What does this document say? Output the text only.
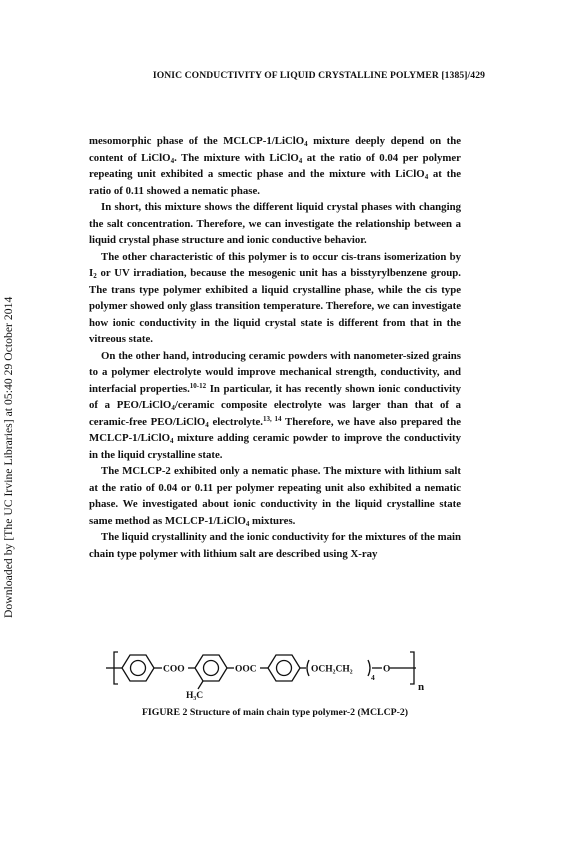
Downloaded by [The UC Irvine Libraries] at 05:40 29 October 2014
IONIC CONDUCTIVITY OF LIQUID CRYSTALLINE POLYMER [1385]/429

mesomorphic phase of the MCLCP-1/LiClO$_4$ mixture deeply depend on the content of LiClO$_4$. The mixture with LiClO$_4$ at the ratio of 0.04 per polymer repeating unit exhibited a smectic phase and the mixture with LiClO$_4$ at the ratio of 0.11 showed a nematic phase.

In short, this mixture shows the different liquid crystal phases with changing the salt concentration. Therefore, we can investigate the relationship between a liquid crystal phase structure and ionic conductive behavior.

The other characteristic of this polymer is to occur cis-trans isomerization by $I_2$ or UV irradiation, because the mesogenic unit has a bisstyrylbenzene group. The trans type polymer exhibited a liquid crystalline phase, while the cis type polymer showed only glass transition temperature. Therefore, we can investigate how ionic conductivity in the liquid crystal state is different from that in the vitreous state.

On the other hand, introducing ceramic powders with nanometer-sized grains to a polymer electrolyte would improve mechanical strength, conductivity, and interfacial properties.$^{10-12}$ In particular, it has recently shown ionic conductivity of a PEO/LiClO$_4$/ceramic composite electrolyte was larger than that of a ceramic-free PEO/LiClO$_4$ electrolyte.$^{13, 14}$ Therefore, we have also prepared the MCLCP-1/LiClO$_4$ mixture adding ceramic powder to improve the conductivity in the liquid crystalline state.

The MCLCP-2 exhibited only a nematic phase. The mixture with lithium salt at the ratio of 0.04 or 0.11 per polymer repeating unit also exhibited a nematic phase. We investigated about ionic conductivity in the liquid crystalline state same method as MCLCP-1/LiClO$_4$ mixtures.

The liquid crystallinity and the ionic conductivity for the mixtures of the main chain type polymer with lithium salt are described using X-ray

COO	OOC	OCH₂CH₂
4
O
H₃C
n
FIGURE 2 Structure of main chain type polymer-2 (MCLCP-2)
